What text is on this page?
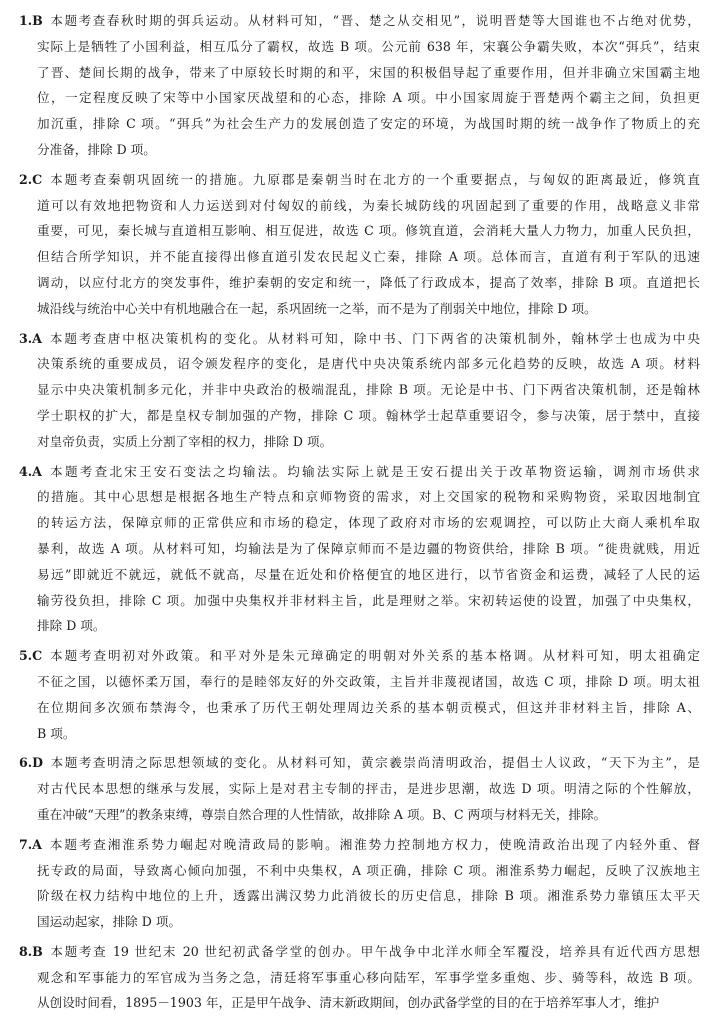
1.B 本题考查春秋时期的弭兵运动。从材料可知，“晋、楚之从交相见”，说明晋楚等大国谁也不占绝对优势，
实际上是牺牲了小国利益，相互瓜分了霸权，故选 B 项。公元前 638 年，宋襄公争霸失败，本次“弭兵”，结束
了晋、楚间长期的战争，带来了中原较长时期的和平，宋国的积极倡导起了重要作用，但并非确立宋国霸主地
位，一定程度反映了宋等中小国家厌战望和的心态，排除 A 项。中小国家周旋于晋楚两个霸主之间，负担更
加沉重，排除 C 项。“弭兵”为社会生产力的发展创造了安定的环境，为战国时期的统一战争作了物质上的充
分准备，排除 D 项。
2.C 本题考查秦朝巩固统一的措施。九原郡是秦朝当时在北方的一个重要据点，与匈奴的距离最近，修筑直
道可以有效地把物资和人力运送到对付匈奴的前线，为秦长城防线的巩固起到了重要的作用，战略意义非常
重要，可见，秦长城与直道相互影响、相互促进，故选 C 项。修筑直道，会消耗大量人力物力，加重人民负担，
但结合所学知识，并不能直接得出修直道引发农民起义亡秦，排除 A 项。总体而言，直道有利于军队的迅速
调动，以应付北方的突发事件，维护秦朝的安定和统一，降低了行政成本，提高了效率，排除 B 项。直道把长
城沿线与统治中心关中有机地融合在一起，系巩固统一之举，而不是为了削弱关中地位，排除 D 项。
3.A 本题考查唐中枢决策机构的变化。从材料可知，除中书、门下两省的决策机制外，翰林学士也成为中央
决策系统的重要成员，诏令颁发程序的变化，是唐代中央决策系统内部多元化趋势的反映，故选 A 项。材料
显示中央决策机制多元化，并非中央政治的极端混乱，排除 B 项。无论是中书、门下两省决策机制，还是翰林
学士职权的扩大，都是皇权专制加强的产物，排除 C 项。翰林学士起草重要诏令，参与决策，居于禁中，直接
对皇帝负责，实质上分割了宰相的权力，排除 D 项。
4.A 本题考查北宋王安石变法之均输法。均输法实际上就是王安石提出关于改革物资运输，调剂市场供求
的措施。其中心思想是根据各地生产特点和京师物资的需求，对上交国家的税物和采购物资，采取因地制宜
的转运方法，保障京师的正常供应和市场的稳定，体现了政府对市场的宏观调控，可以防止大商人乘机牟取
暴利，故选 A 项。从材料可知，均输法是为了保障京师而不是边疆的物资供给，排除 B 项。“徙贵就贱，用近
易远”即就近不就远，就低不就高，尽量在近处和价格便宜的地区进行，以节省资金和运费，减轻了人民的运
输劳役负担，排除 C 项。加强中央集权并非材料主旨，此是理财之举。宋初转运使的设置，加强了中央集权，
排除 D 项。
5.C 本题考查明初对外政策。和平对外是朱元璋确定的明朝对外关系的基本格调。从材料可知，明太祖确定
不征之国，以德怀柔万国，奉行的是睦邻友好的外交政策，主旨并非蔑视诸国，故选 C 项，排除 D 项。明太祖
在位期间多次颁布禁海令，也秉承了历代王朝处理周边关系的基本朝贡模式，但这并非材料主旨，排除 A、
B 项。
6.D 本题考查明清之际思想领域的变化。从材料可知，黄宗羲崇尚清明政治，提倡士人议政，“天下为主”，是
对古代民本思想的继承与发展，实际上是对君主专制的抨击，是进步思潮，故选 D 项。明清之际的个性解放，
重在冲破“天理”的教条束缚，尊崇自然合理的人性情欲，故排除 A 项。B、C 两项与材料无关，排除。
7.A 本题考查湘淮系势力崛起对晚清政局的影响。湘淮势力控制地方权力，使晚清政治出现了内轻外重、督
抚专政的局面，导致离心倾向加强，不利中央集权，A 项正确，排除 C 项。湘淮系势力崛起，反映了汉族地主
阶级在权力结构中地位的上升，透露出满汉势力此消彼长的历史信息，排除 B 项。湘淮系势力靠镇压太平天
国运动起家，排除 D 项。
8.B 本题考查 19 世纪末 20 世纪初武备学堂的创办。甲午战争中北洋水师全军覆没，培养具有近代西方思想
观念和军事能力的军官成为当务之急，清廷将军事重心移向陆军，军事学堂多重炮、步、骑等科，故选 B 项。
从创设时间看，1895－1903 年，正是甲午战争、清末新政期间，创办武备学堂的目的在于培养军事人才，维护
